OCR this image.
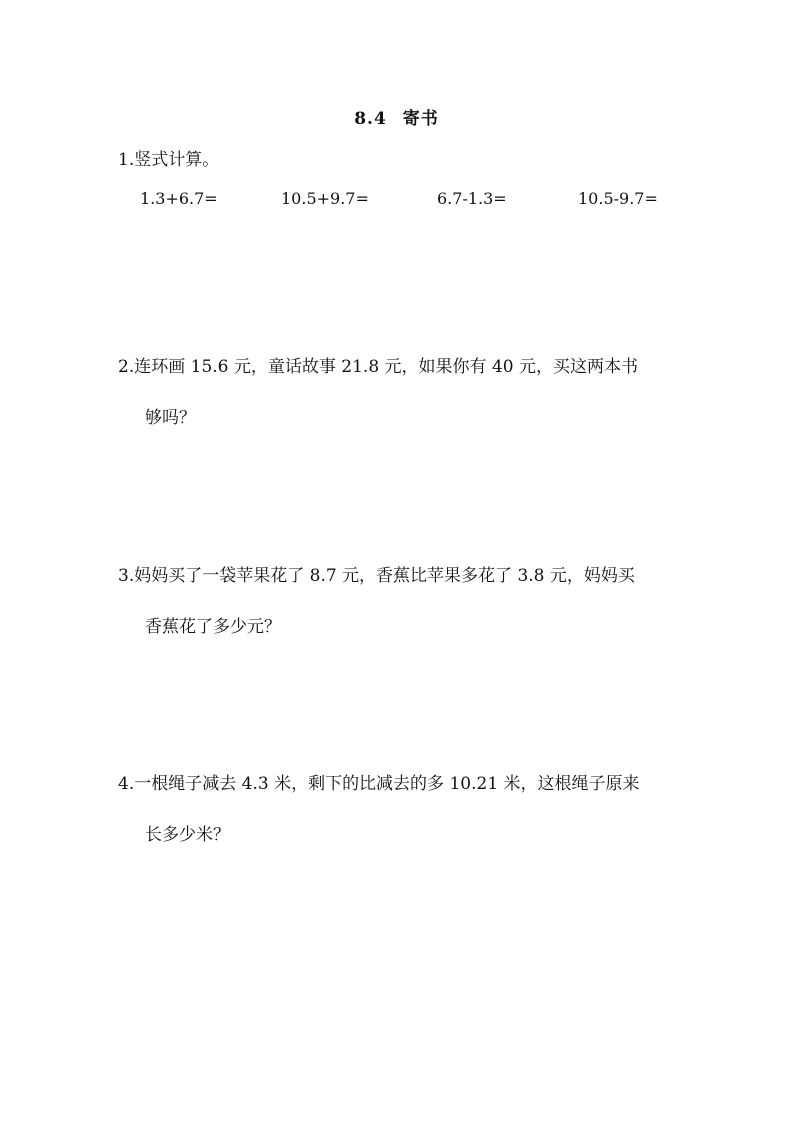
8.4 寄书
1.竖式计算。
1.3+6.7=	10.5+9.7=	6.7-1.3=	10.5-9.7=
2.连环画 15.6 元，童话故事 21.8 元，如果你有 40 元，买这两本书
够吗？
3.妈妈买了一袋苹果花了 8.7 元，香蕉比苹果多花了 3.8 元，妈妈买
香蕉花了多少元？
4.一根绳子减去 4.3 米，剩下的比减去的多 10.21 米，这根绳子原来
长多少米？
